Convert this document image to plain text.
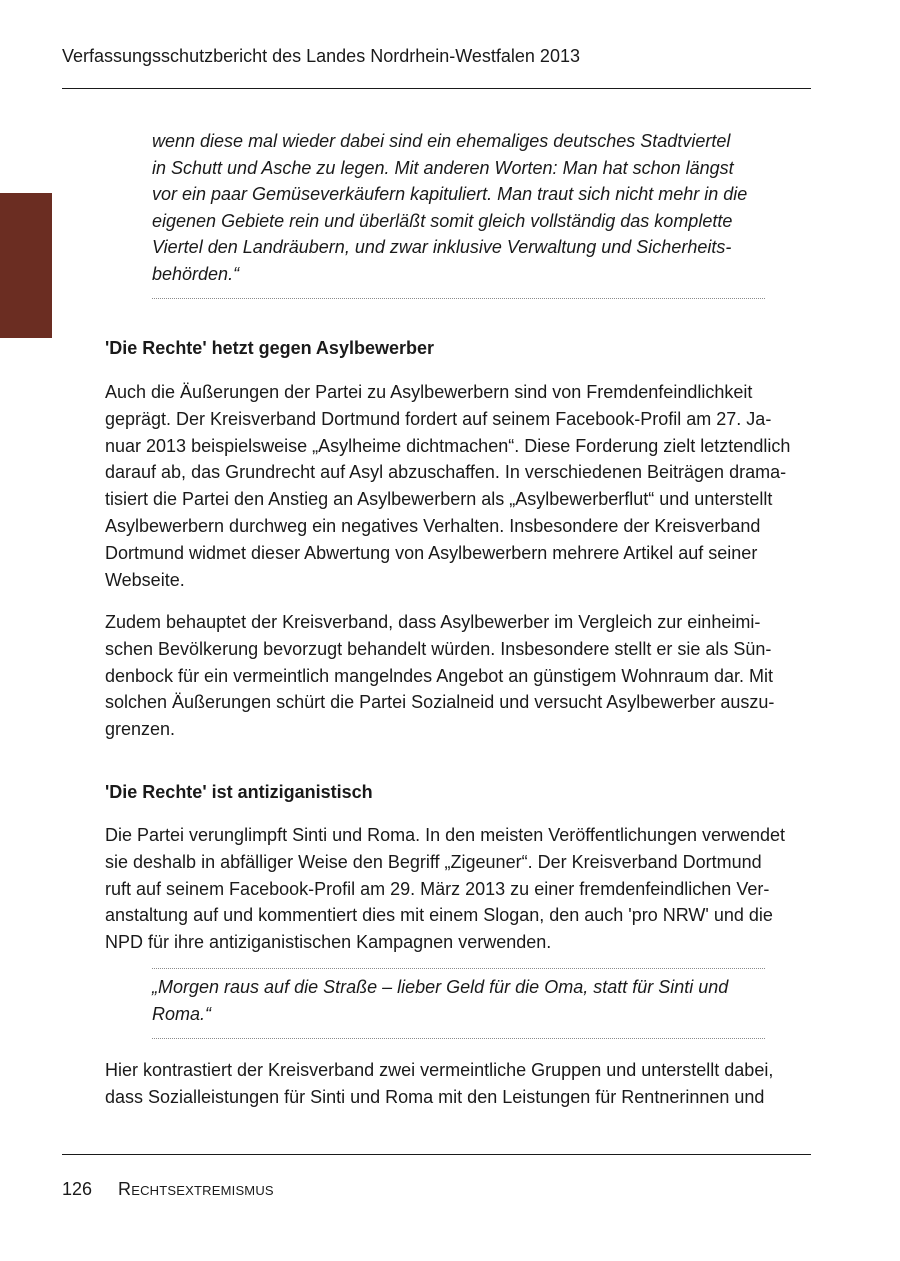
Verfassungsschutzbericht des Landes Nordrhein-Westfalen 2013

wenn diese mal wieder dabei sind ein ehemaliges deutsches Stadtviertel

in Schutt und Asche zu legen. Mit anderen Worten: Man hat schon längst

vor ein paar Gemüseverkäufern kapituliert. Man traut sich nicht mehr in die

eigenen Gebiete rein und überläßt somit gleich vollständig das komplette

Viertel den Landräubern, und zwar inklusive Verwaltung und Sicherheits-

behörden.“

'Die Rechte' hetzt gegen Asylbewerber

Auch die Äußerungen der Partei zu Asylbewerbern sind von Fremdenfeindlichkeit

geprägt. Der Kreisverband Dortmund fordert auf seinem Facebook-Profil am 27. Ja-

nuar 2013 beispielsweise „Asylheime dichtmachen“. Diese Forderung zielt letztendlich

darauf ab, das Grundrecht auf Asyl abzuschaffen. In verschiedenen Beiträgen drama-

tisiert die Partei den Anstieg an Asylbewerbern als „Asylbewerberflut“ und unterstellt

Asylbewerbern durchweg ein negatives Verhalten. Insbesondere der Kreisverband

Dortmund widmet dieser Abwertung von Asylbewerbern mehrere Artikel auf seiner

Webseite.

Zudem behauptet der Kreisverband, dass Asylbewerber im Vergleich zur einheimi-

schen Bevölkerung bevorzugt behandelt würden. Insbesondere stellt er sie als Sün-

denbock für ein vermeintlich mangelndes Angebot an günstigem Wohnraum dar. Mit

solchen Äußerungen schürt die Partei Sozialneid und versucht Asylbewerber auszu-

grenzen.

'Die Rechte' ist antiziganistisch

Die Partei verunglimpft Sinti und Roma. In den meisten Veröffentlichungen verwendet

sie deshalb in abfälliger Weise den Begriff „Zigeuner“. Der Kreisverband Dortmund

ruft auf seinem Facebook-Profil am 29. März 2013 zu einer fremdenfeindlichen Ver-

anstaltung auf und kommentiert dies mit einem Slogan, den auch 'pro NRW' und die

NPD für ihre antiziganistischen Kampagnen verwenden.

„Morgen raus auf die Straße – lieber Geld für die Oma, statt für Sinti und

Roma.“

Hier kontrastiert der Kreisverband zwei vermeintliche Gruppen und unterstellt dabei,

dass Sozialleistungen für Sinti und Roma mit den Leistungen für Rentnerinnen und

126 Rechtsextremismus
